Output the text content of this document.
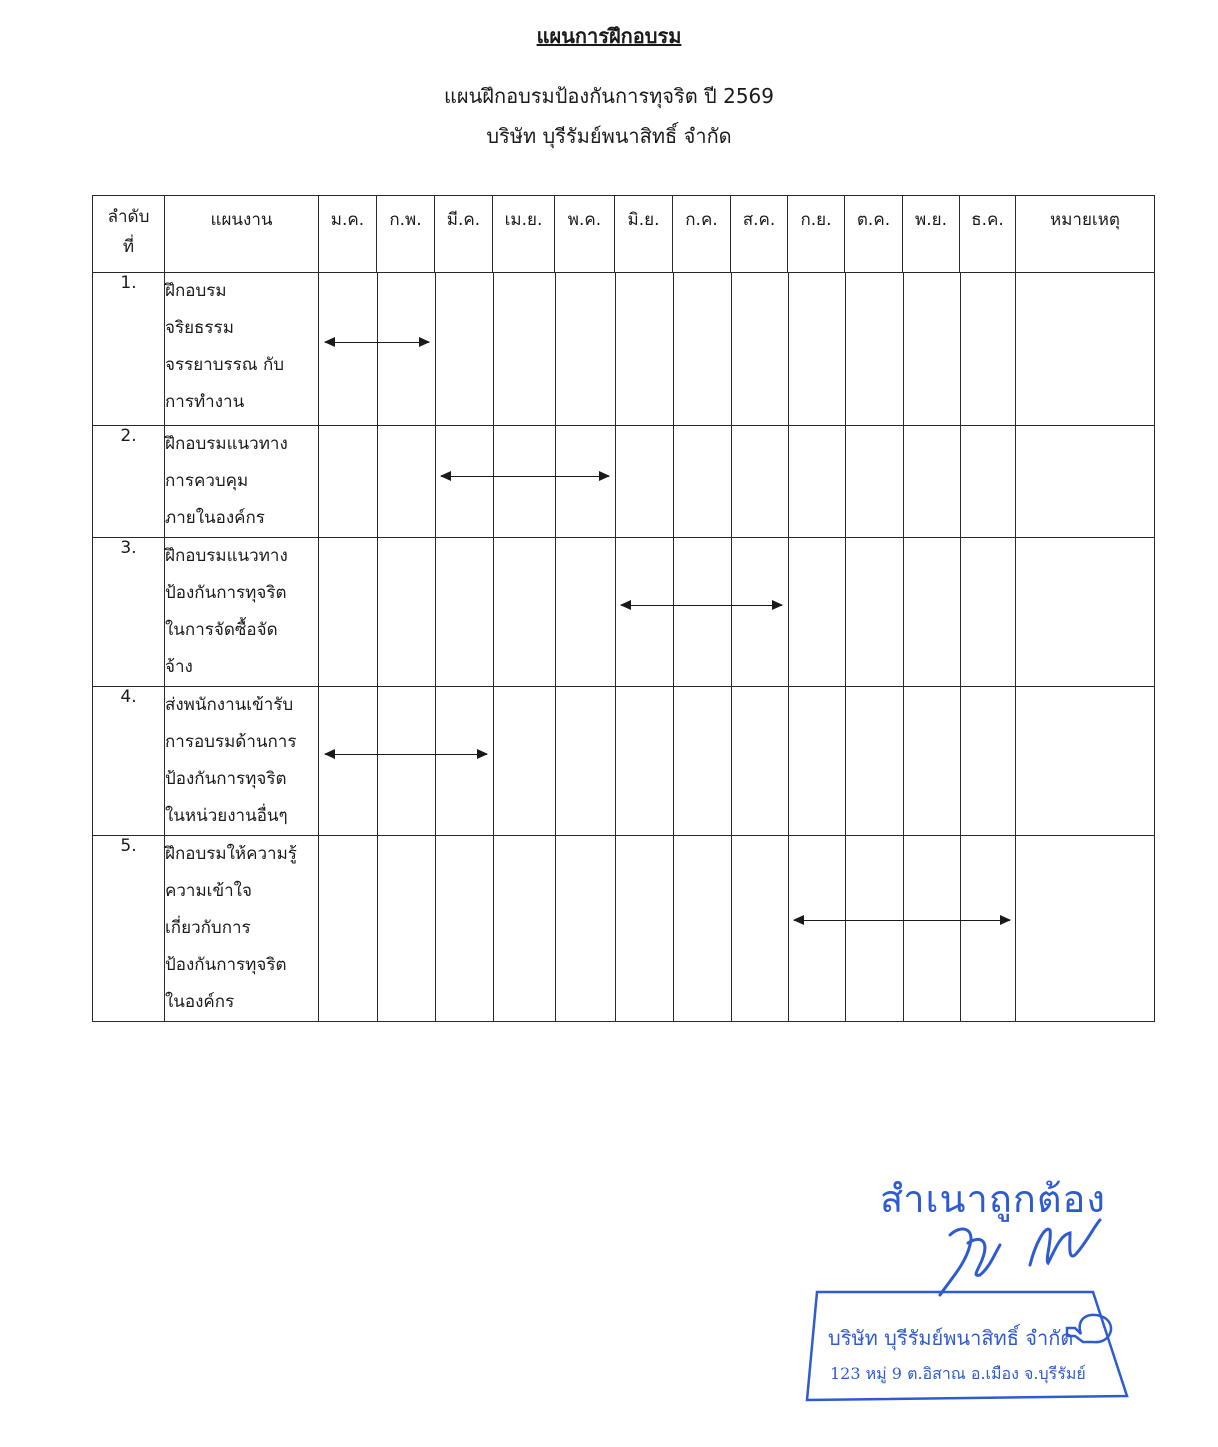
แผนการฝึกอบรม
แผนฝึกอบรมป้องกันการทุจริต ปี 2569
บริษัท บุรีรัมย์พนาสิทธิ์ จำกัด
ลำดับ
ที่	แผนงาน	ม.ค.	ก.พ.	มี.ค.	เม.ย.	พ.ค.	มิ.ย.	ก.ค.	ส.ค.	ก.ย.	ต.ค.	พ.ย.	ธ.ค.	หมายเหตุ
1.	ฝึกอบรม
จริยธรรม
จรรยาบรรณ กับ
การทำงาน													

2.	ฝึกอบรมแนวทาง
การควบคุม
ภายในองค์กร													

3.	ฝึกอบรมแนวทาง
ป้องกันการทุจริต
ในการจัดซื้อจัด
จ้าง													

4.	ส่งพนักงานเข้ารับ
การอบรมด้านการ
ป้องกันการทุจริต
ในหน่วยงานอื่นๆ													

5.	ฝึกอบรมให้ความรู้
ความเข้าใจ
เกี่ยวกับการ
ป้องกันการทุจริต
ในองค์กร													

สำเนาถูกต้อง
บริษัท บุรีรัมย์พนาสิทธิ์ จำกัด
123 หมู่ 9 ต.อิสาณ อ.เมือง จ.บุรีรัมย์
